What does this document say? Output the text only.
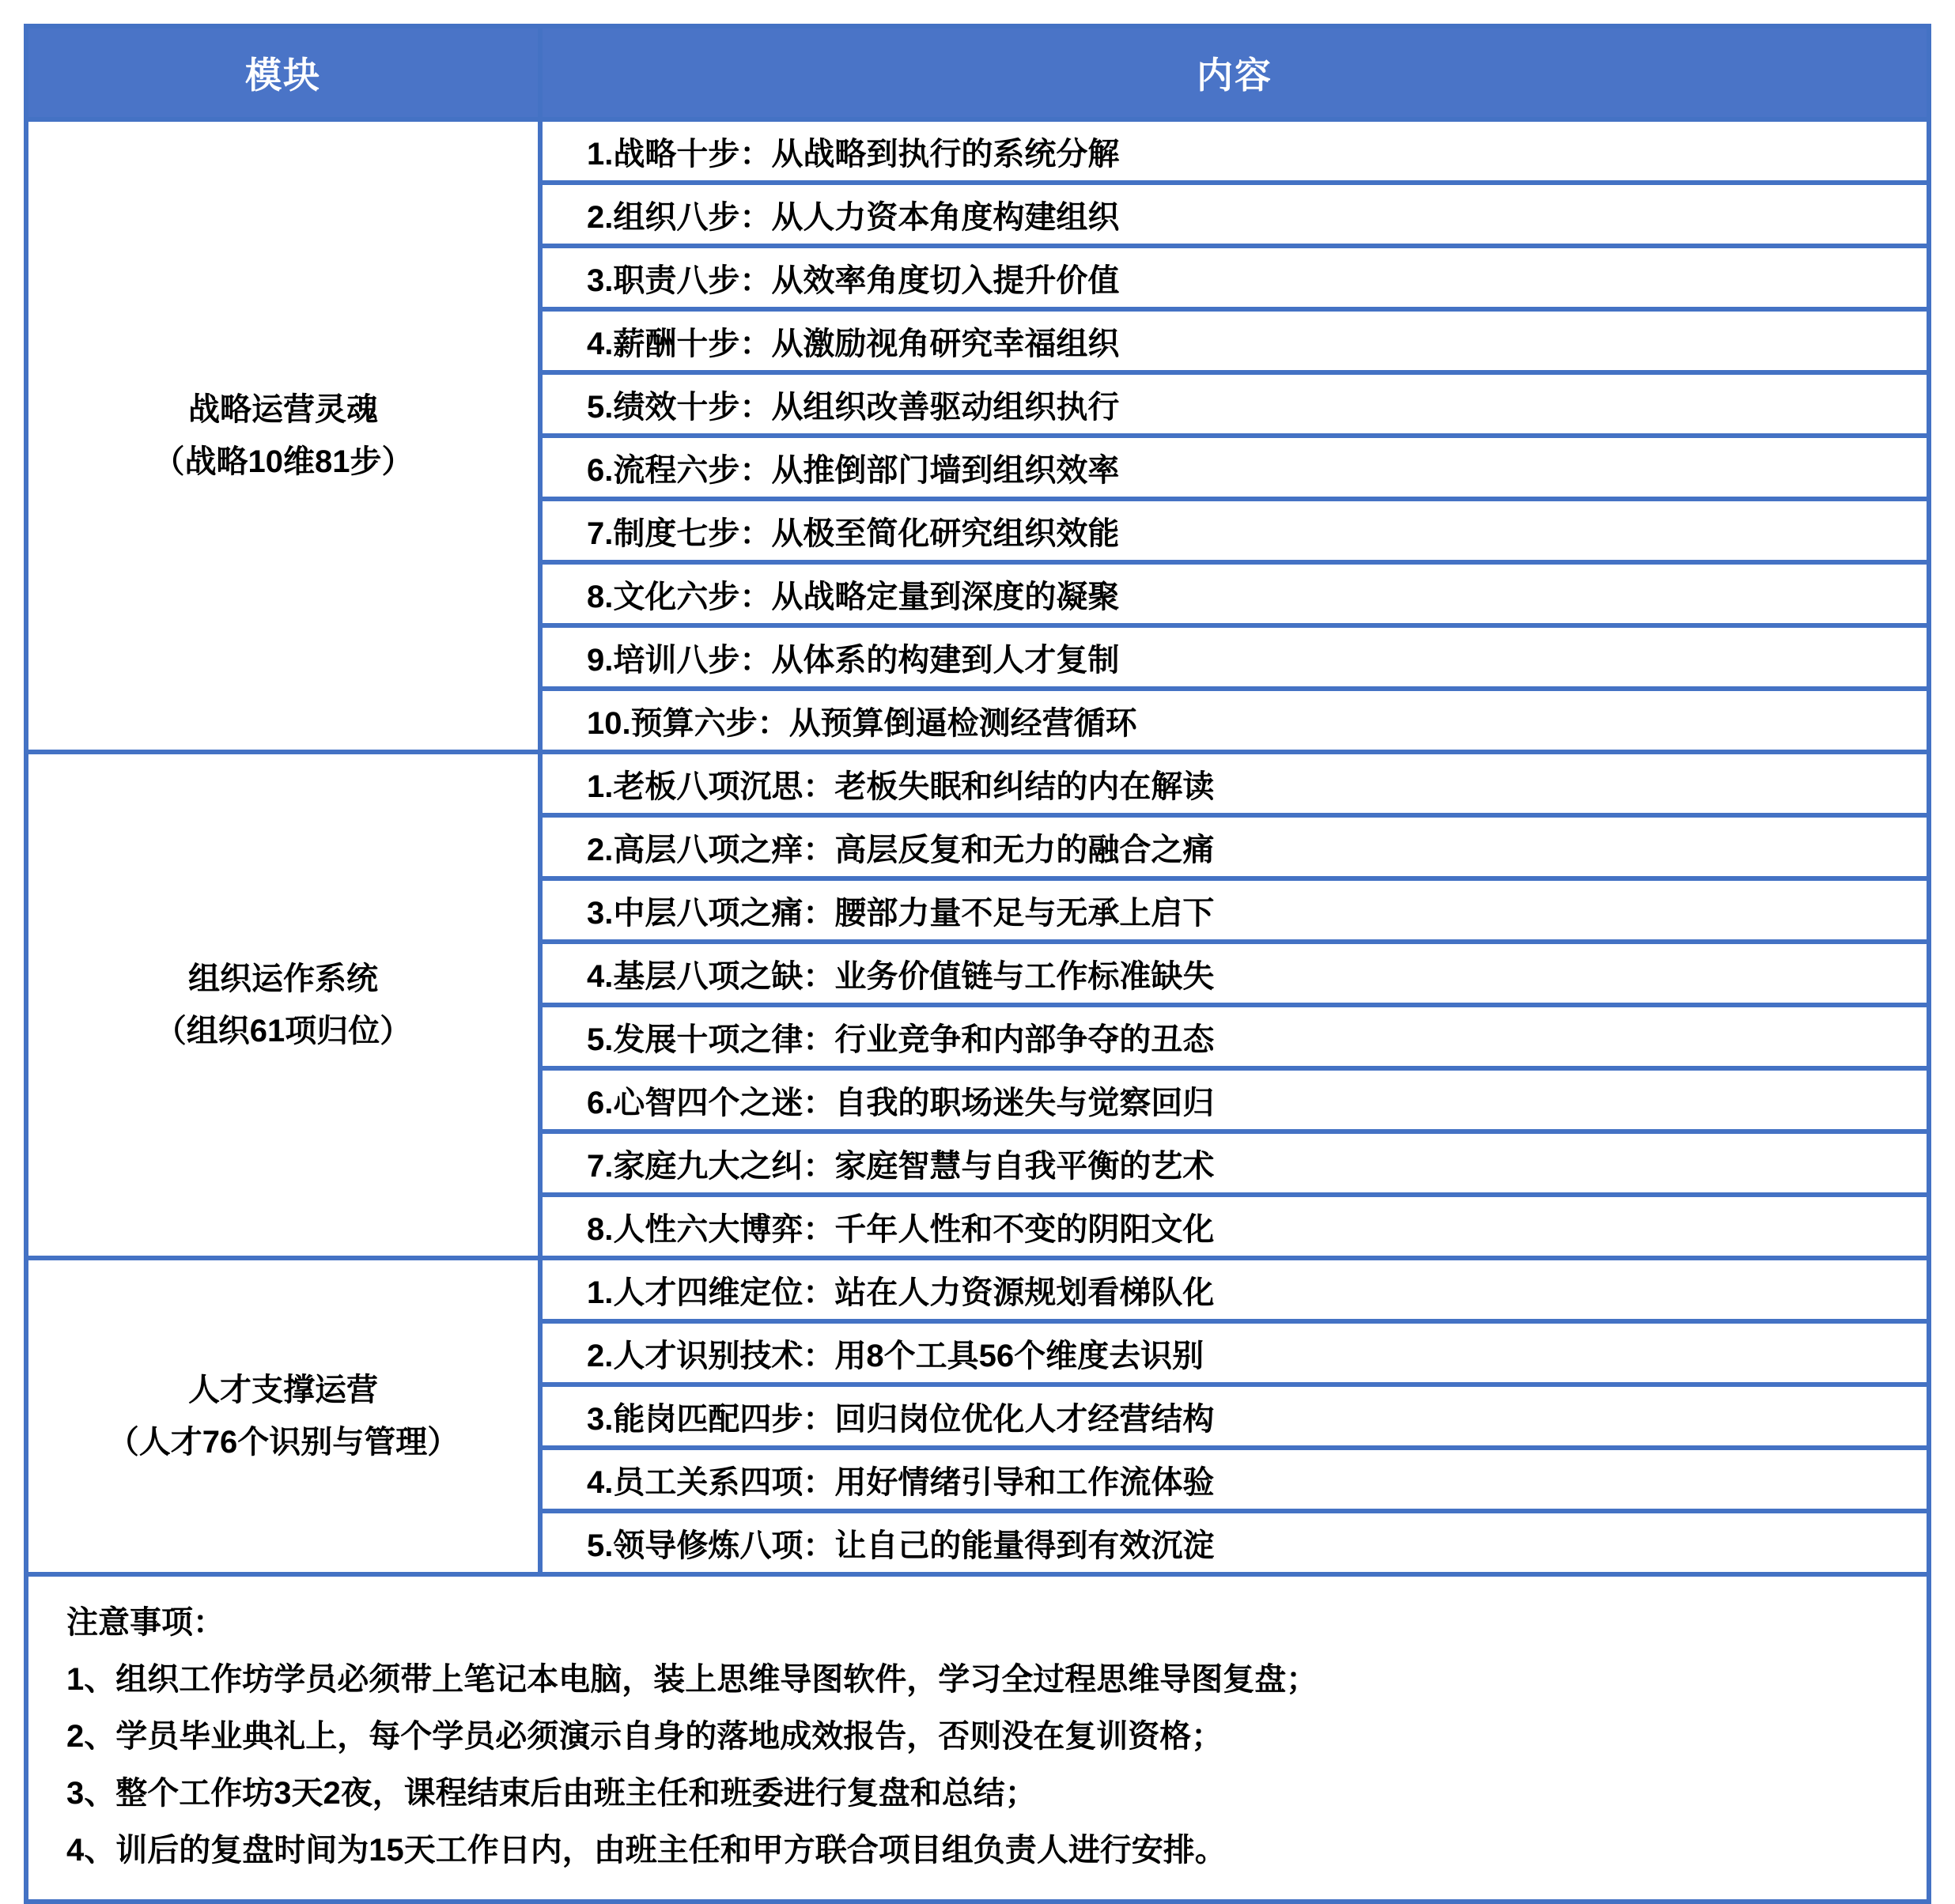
模块	内容

战略运营灵魂
（战略10维81步）	1.战略十步：从战略到执行的系统分解
	2.组织八步：从人力资本角度构建组织
	3.职责八步：从效率角度切入提升价值
	4.薪酬十步：从激励视角研究幸福组织
	5.绩效十步：从组织改善驱动组织执行
	6.流程六步：从推倒部门墙到组织效率
	7.制度七步：从极至简化研究组织效能
	8.文化六步：从战略定量到深度的凝聚
	9.培训八步：从体系的构建到人才复制
	10.预算六步：从预算倒逼检测经营循环

组织运作系统
（组织61项归位）	1.老板八项沉思：老板失眠和纠结的内在解读
	2.高层八项之痒：高层反复和无力的融合之痛
	3.中层八项之痛：腰部力量不足与无承上启下
	4.基层八项之缺：业务价值链与工作标准缺失
	5.发展十项之律：行业竞争和内部争夺的丑态
	6.心智四个之迷：自我的职场迷失与觉察回归
	7.家庭九大之纠：家庭智慧与自我平衡的艺术
	8.人性六大博弈：千年人性和不变的阴阳文化

人才支撑运营
（人才76个识别与管理）	1.人才四维定位：站在人力资源规划看梯队化
	2.人才识别技术：用8个工具56个维度去识别
	3.能岗匹配四步：回归岗位优化人才经营结构
	4.员工关系四项：用好情绪引导和工作流体验
	5.领导修炼八项：让自己的能量得到有效沉淀

注意事项：
1、组织工作坊学员必须带上笔记本电脑，装上思维导图软件，学习全过程思维导图复盘；
2、学员毕业典礼上，每个学员必须演示自身的落地成效报告，否则没在复训资格；
3、整个工作坊3天2夜，课程结束后由班主任和班委进行复盘和总结；
4、训后的复盘时间为15天工作日内，由班主任和甲方联合项目组负责人进行安排。	
